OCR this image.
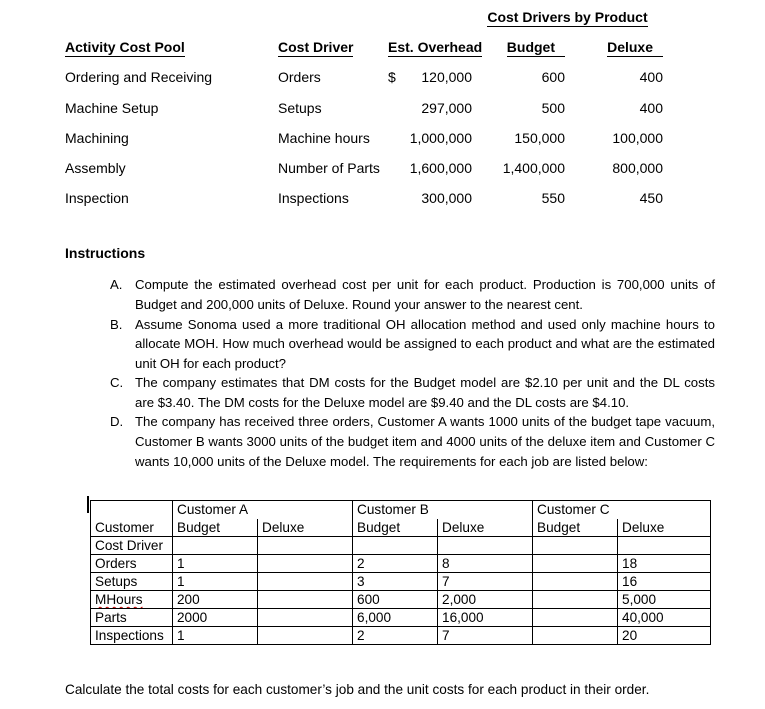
Cost Drivers by Product
Activity Cost Pool	Cost Driver	Est. Overhead	Budget	Deluxe
Ordering and Receiving	Orders	$ 120,000	600	400
Machine Setup	Setups	297,000	500	400
Machining	Machine hours	1,000,000	150,000	100,000
Assembly	Number of Parts	1,600,000	1,400,000	800,000
Inspection	Inspections	300,000	550	450
Instructions
A. Compute the estimated overhead cost per unit for each product. Production is 700,000 units of Budget and 200,000 units of Deluxe. Round your answer to the nearest cent.
B. Assume Sonoma used a more traditional OH allocation method and used only machine hours to allocate MOH. How much overhead would be assigned to each product and what are the estimated unit OH for each product?
C. The company estimates that DM costs for the Budget model are $2.10 per unit and the DL costs are $3.40. The DM costs for the Deluxe model are $9.40 and the DL costs are $4.10.
D. The company has received three orders, Customer A wants 1000 units of the budget tape vacuum, Customer B wants 3000 units of the budget item and 4000 units of the deluxe item and Customer C wants 10,000 units of the Deluxe model. The requirements for each job are listed below:
	Customer A		Customer B		Customer C	
Customer	Budget	Deluxe	Budget	Deluxe	Budget	Deluxe
Cost Driver						
Orders	1		2	8		18
Setups	1		3	7		16
MHours	200		600	2,000		5,000
Parts	2000		6,000	16,000		40,000
Inspections	1		2	7		20
Calculate the total costs for each customer’s job and the unit costs for each product in their order.
